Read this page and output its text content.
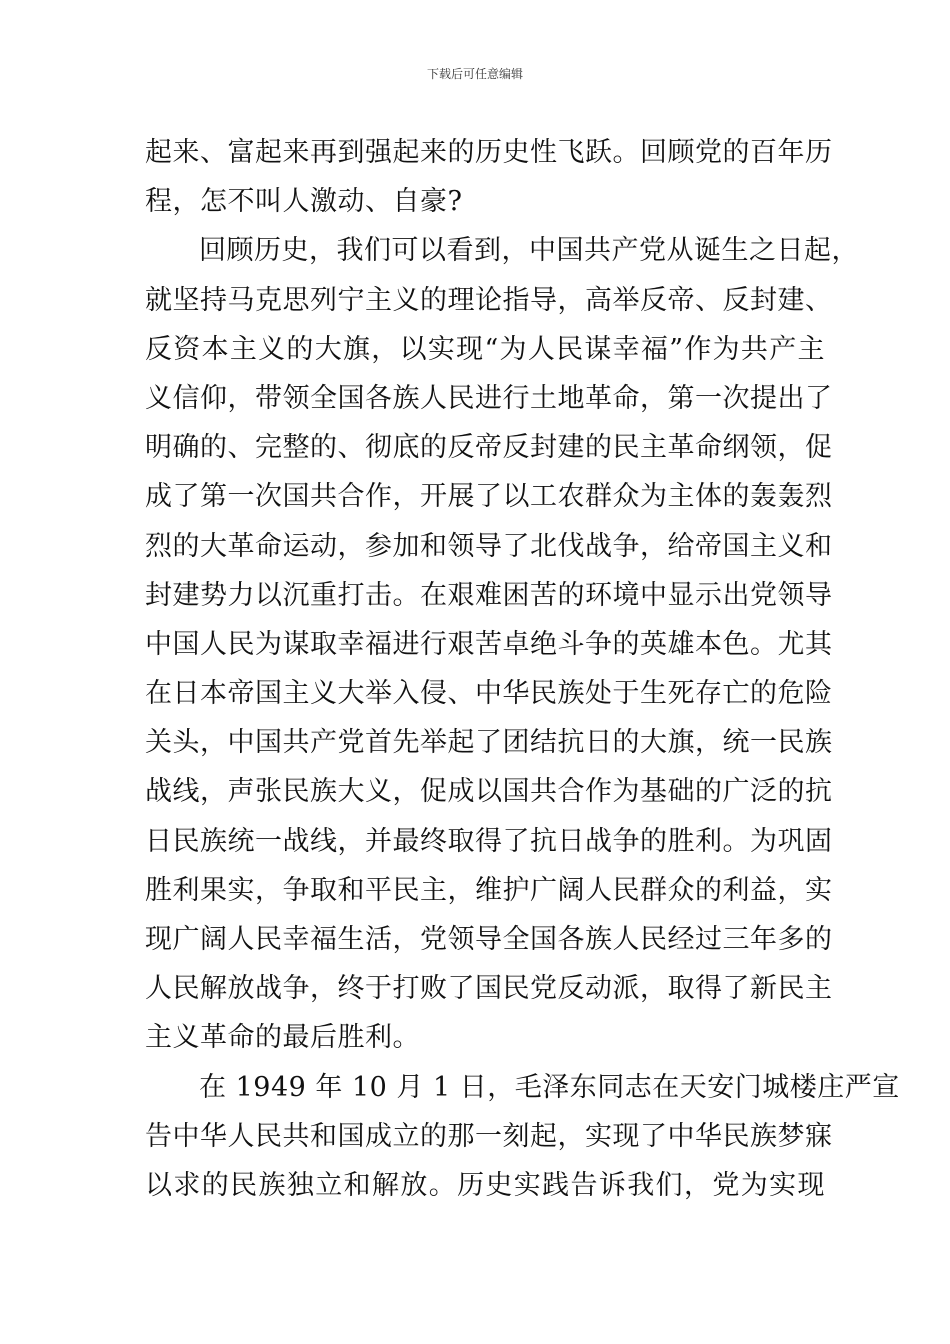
下载后可任意编辑
起来、富起来再到强起来的历史性飞跃。回顾党的百年历
程，怎不叫人激动、自豪?
回顾历史，我们可以看到，中国共产党从诞生之日起，
就坚持马克思列宁主义的理论指导，高举反帝、反封建、
反资本主义的大旗，以实现“为人民谋幸福”作为共产主
义信仰，带领全国各族人民进行土地革命，第一次提出了
明确的、完整的、彻底的反帝反封建的民主革命纲领，促
成了第一次国共合作，开展了以工农群众为主体的轰轰烈
烈的大革命运动，参加和领导了北伐战争，给帝国主义和
封建势力以沉重打击。在艰难困苦的环境中显示出党领导
中国人民为谋取幸福进行艰苦卓绝斗争的英雄本色。尤其
在日本帝国主义大举入侵、中华民族处于生死存亡的危险
关头，中国共产党首先举起了团结抗日的大旗，统一民族
战线，声张民族大义，促成以国共合作为基础的广泛的抗
日民族统一战线，并最终取得了抗日战争的胜利。为巩固
胜利果实，争取和平民主，维护广阔人民群众的利益，实
现广阔人民幸福生活，党领导全国各族人民经过三年多的
人民解放战争，终于打败了国民党反动派，取得了新民主
主义革命的最后胜利。
在 1949 年 10 月 1 日，毛泽东同志在天安门城楼庄严宣
告中华人民共和国成立的那一刻起，实现了中华民族梦寐
以求的民族独立和解放。历史实践告诉我们，党为实现
